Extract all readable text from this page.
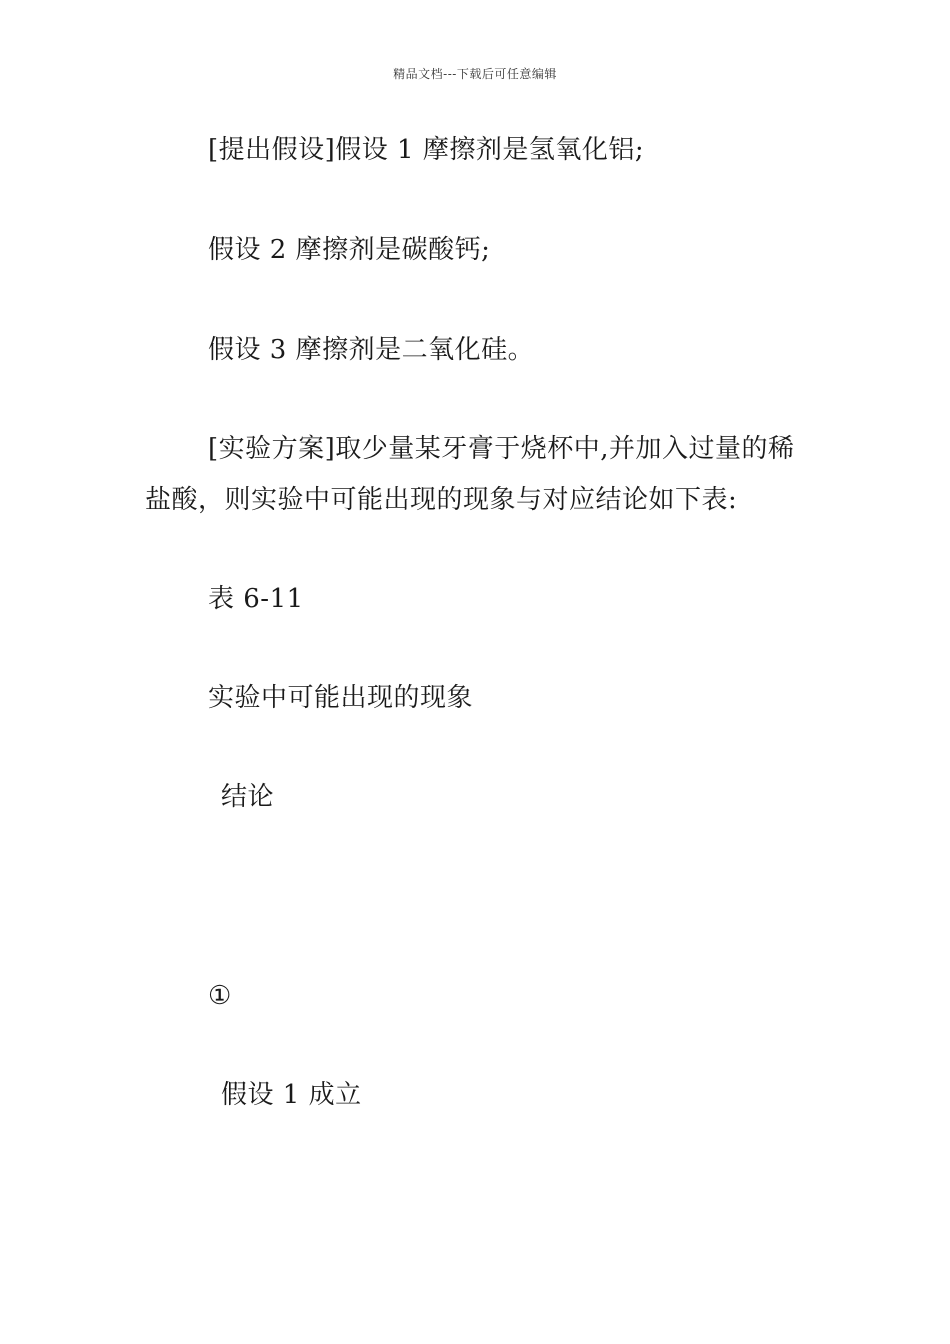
精品文档---下载后可任意编辑
[提出假设]假设 1 摩擦剂是氢氧化铝;
假设 2 摩擦剂是碳酸钙;
假设 3 摩擦剂是二氧化硅。
[实验方案]取少量某牙膏于烧杯中,并加入过量的稀
盐酸，则实验中可能出现的现象与对应结论如下表:
表 6-11
实验中可能出现的现象
结论
①
假设 1 成立
